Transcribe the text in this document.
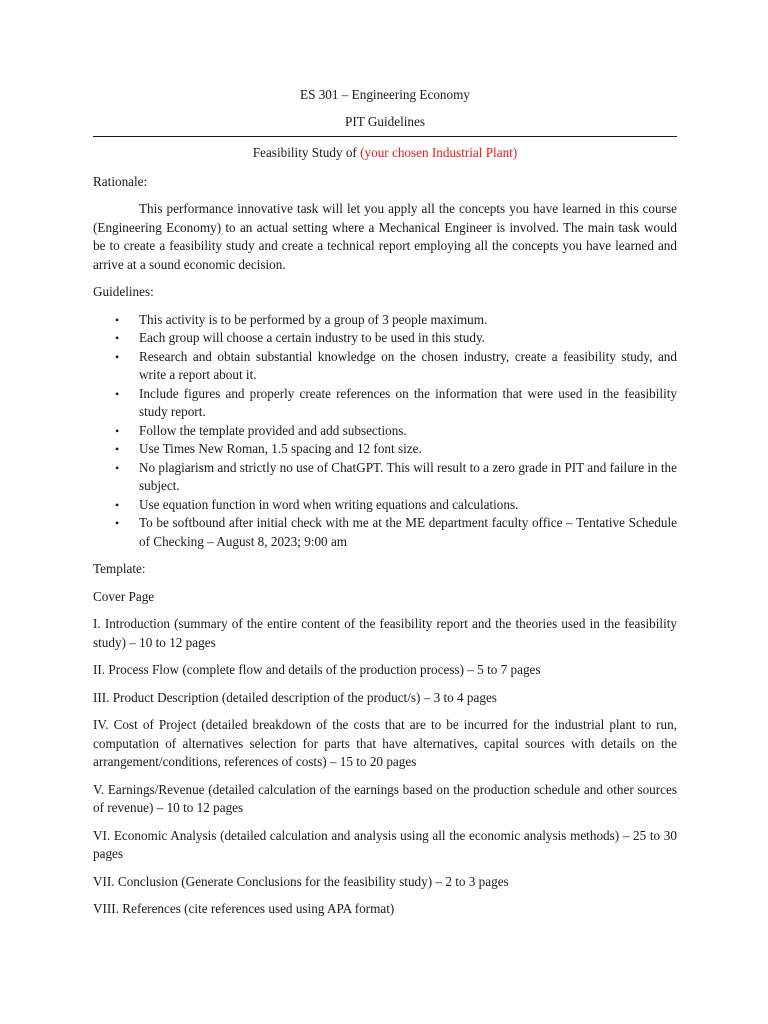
ES 301 – Engineering Economy

PIT Guidelines

Feasibility Study of (your chosen Industrial Plant)

Rationale:

This performance innovative task will let you apply all the concepts you have learned in this course (Engineering Economy) to an actual setting where a Mechanical Engineer is involved. The main task would be to create a feasibility study and create a technical report employing all the concepts you have learned and arrive at a sound economic decision.

Guidelines:

• This activity is to be performed by a group of 3 people maximum.
• Each group will choose a certain industry to be used in this study.
• Research and obtain substantial knowledge on the chosen industry, create a feasibility study, and write a report about it.
• Include figures and properly create references on the information that were used in the feasibility study report.
• Follow the template provided and add subsections.
• Use Times New Roman, 1.5 spacing and 12 font size.
• No plagiarism and strictly no use of ChatGPT. This will result to a zero grade in PIT and failure in the subject.
• Use equation function in word when writing equations and calculations.
• To be softbound after initial check with me at the ME department faculty office – Tentative Schedule of Checking – August 8, 2023; 9:00 am

Template:

Cover Page

I. Introduction (summary of the entire content of the feasibility report and the theories used in the feasibility study) – 10 to 12 pages

II. Process Flow (complete flow and details of the production process) – 5 to 7 pages

III. Product Description (detailed description of the product/s) – 3 to 4 pages

IV. Cost of Project (detailed breakdown of the costs that are to be incurred for the industrial plant to run, computation of alternatives selection for parts that have alternatives, capital sources with details on the arrangement/conditions, references of costs) – 15 to 20 pages

V. Earnings/Revenue (detailed calculation of the earnings based on the production schedule and other sources of revenue) – 10 to 12 pages

VI. Economic Analysis (detailed calculation and analysis using all the economic analysis methods) – 25 to 30 pages

VII. Conclusion (Generate Conclusions for the feasibility study) – 2 to 3 pages

VIII. References (cite references used using APA format)
